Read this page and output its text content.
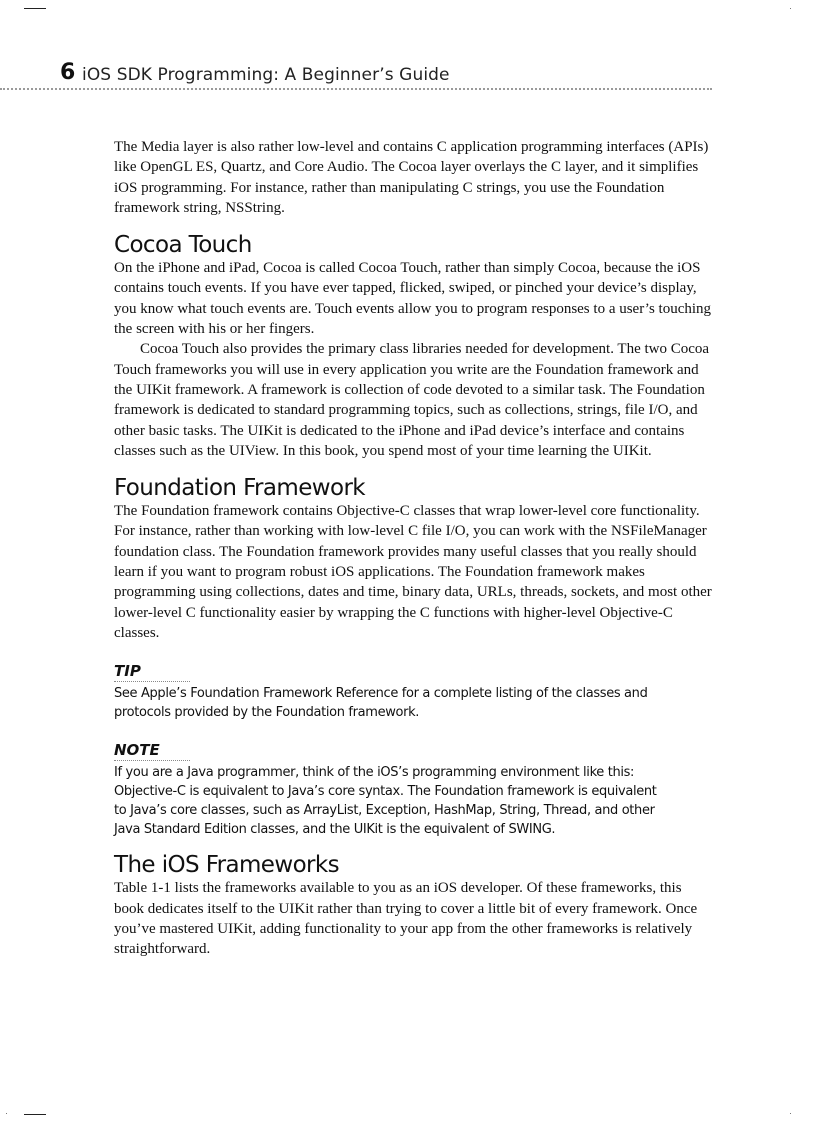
6 iOS SDK Programming: A Beginner’s Guide

The Media layer is also rather low-level and contains C application programming interfaces (APIs) like OpenGL ES, Quartz, and Core Audio. The Cocoa layer overlays the C layer, and it simplifies iOS programming. For instance, rather than manipulating C strings, you use the Foundation framework string, NSString.

Cocoa Touch

On the iPhone and iPad, Cocoa is called Cocoa Touch, rather than simply Cocoa, because the iOS contains touch events. If you have ever tapped, flicked, swiped, or pinched your device’s display, you know what touch events are. Touch events allow you to program responses to a user’s touching the screen with his or her fingers.

Cocoa Touch also provides the primary class libraries needed for development. The two Cocoa Touch frameworks you will use in every application you write are the Foundation framework and the UIKit framework. A framework is collection of code devoted to a similar task. The Foundation framework is dedicated to standard programming topics, such as collections, strings, file I/O, and other basic tasks. The UIKit is dedicated to the iPhone and iPad device’s interface and contains classes such as the UIView. In this book, you spend most of your time learning the UIKit.

Foundation Framework

The Foundation framework contains Objective-C classes that wrap lower-level core functionality. For instance, rather than working with low-level C file I/O, you can work with the NSFileManager foundation class. The Foundation framework provides many useful classes that you really should learn if you want to program robust iOS applications. The Foundation framework makes programming using collections, dates and time, binary data, URLs, threads, sockets, and most other lower-level C functionality easier by wrapping the C functions with higher-level Objective-C classes.

TIP

See Apple’s Foundation Framework Reference for a complete listing of the classes and
protocols provided by the Foundation framework.

NOTE

If you are a Java programmer, think of the iOS’s programming environment like this:
Objective-C is equivalent to Java’s core syntax. The Foundation framework is equivalent
to Java’s core classes, such as ArrayList, Exception, HashMap, String, Thread, and other
Java Standard Edition classes, and the UIKit is the equivalent of SWING.

The iOS Frameworks

Table 1-1 lists the frameworks available to you as an iOS developer. Of these frameworks, this book dedicates itself to the UIKit rather than trying to cover a little bit of every framework. Once you’ve mastered UIKit, adding functionality to your app from the other frameworks is relatively straightforward.
